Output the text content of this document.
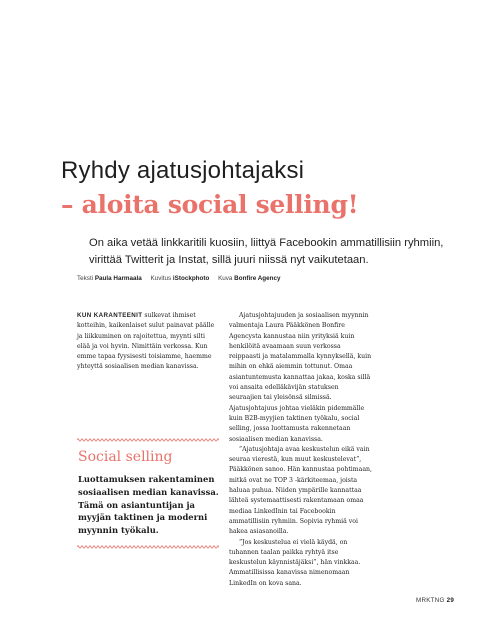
Ryhdy ajatusjohtajaksi
– aloita social selling!
On aika vetää linkkaritili kuosiin, liittyä Facebookin ammatillisiin ryhmiin, virittää Twitterit ja Instat, sillä juuri niissä nyt vaikutetaan.
Teksti Paula Harmaala Kuvitus iStockphoto Kuva Bonfire Agency

KUN KARANTEENIT sulkevat ihmiset kotteihin, kaikenlaiset sulut painavat päälle ja liikkuminen on rajoitettua, myynti silti elää ja voi hyvin. Nimittäin verkossa. Kun emme tapaa fyysisesti toisiamme, haemme yhteyttä sosiaalisen median kanavissa.

Social selling
Luottamuksen rakentaminen sosiaalisen median kanavissa. Tämä on asiantuntijan ja myyjän taktinen ja moderni myynnin työkalu.

Ajatusjohtajuuden ja sosiaalisen myynnin valmentaja Laura Pääkkönen Bonfire Agencysta kannustaa niin yrityksiä kuin henkilöitä avaamaan suun verkossa reippaasti ja matalammalla kynnyksellä, kuin mihin on ehkä aiemmin tottunut. Omaa asiantuntemusta kannattaa jakaa, koska sillä voi ansaita edelläkävijän statuksen seuraajien tai yleisönsä silmissä. Ajatusjohtajuus johtaa vieläkin pidemmälle kuin B2B-myyjien taktinen työkalu, social selling, jossa luottamusta rakennetaan sosiaalisen median kanavissa.

”Ajatusjohtaja avaa keskustelun eikä vain seuraa vierestä, kun muut keskustelevat”, Pääkkönen sanoo. Hän kannustaa pohtimaan, mitkä ovat ne TOP 3 -kärkiteemaa, joista haluaa puhua. Niiden ympärille kannattaa lähteä systemaattisesti rakentamaan omaa mediaa LinkedInin tai Facebookin ammatillisiin ryhmiin. Sopivia ryhmiä voi hakea asiasanoilla.

”Jos keskustelua ei vielä käydä, on tuhannen taalan paikka ryhtyä itse keskustelun käynnistäjäksi”, hän vinkkaa. Ammatillisissa kanavissa nimenomaan LinkedIn on kova sana.

MRKTNG 29
